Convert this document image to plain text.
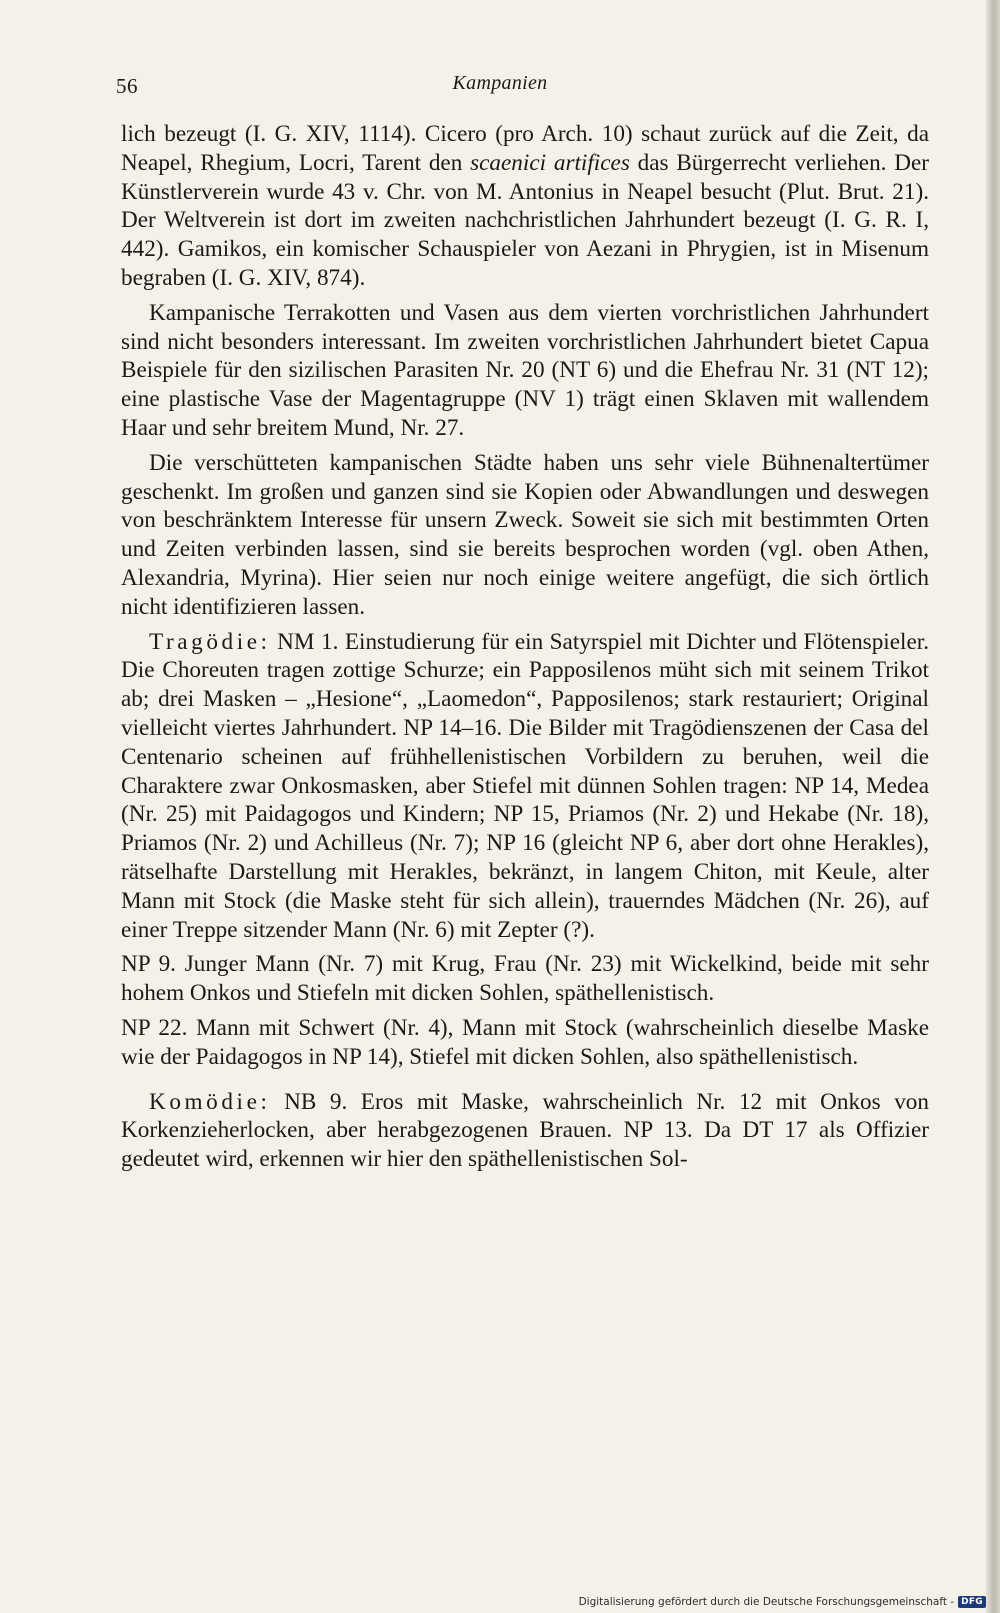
56	Kampanien

lich bezeugt (I. G. XIV, 1114). Cicero (pro Arch. 10) schaut zurück auf die Zeit, da Neapel, Rhegium, Locri, Tarent den scaenici artifices das Bürgerrecht verliehen. Der Künstlerverein wurde 43 v. Chr. von M. Antonius in Neapel besucht (Plut. Brut. 21). Der Weltverein ist dort im zweiten nachchristlichen Jahrhundert bezeugt (I. G. R. I, 442). Gamikos, ein komischer Schauspieler von Aezani in Phrygien, ist in Misenum begraben (I. G. XIV, 874).

Kampanische Terrakotten und Vasen aus dem vierten vorchristlichen Jahrhundert sind nicht besonders interessant. Im zweiten vorchristlichen Jahrhundert bietet Capua Beispiele für den sizilischen Parasiten Nr. 20 (NT 6) und die Ehefrau Nr. 31 (NT 12); eine plastische Vase der Magentagruppe (NV 1) trägt einen Sklaven mit wallendem Haar und sehr breitem Mund, Nr. 27.

Die verschütteten kampanischen Städte haben uns sehr viele Bühnenaltertümer geschenkt. Im großen und ganzen sind sie Kopien oder Abwandlungen und deswegen von beschränktem Interesse für unsern Zweck. Soweit sie sich mit bestimmten Orten und Zeiten verbinden lassen, sind sie bereits besprochen worden (vgl. oben Athen, Alexandria, Myrina). Hier seien nur noch einige weitere angefügt, die sich örtlich nicht identifizieren lassen.

Tragödie: NM 1. Einstudierung für ein Satyrspiel mit Dichter und Flötenspieler. Die Choreuten tragen zottige Schurze; ein Papposilenos müht sich mit seinem Trikot ab; drei Masken – „Hesione“, „Laomedon“, Papposilenos; stark restauriert; Original vielleicht viertes Jahrhundert. NP 14–16. Die Bilder mit Tragödienszenen der Casa del Centenario scheinen auf frühhellenistischen Vorbildern zu beruhen, weil die Charaktere zwar Onkosmasken, aber Stiefel mit dünnen Sohlen tragen: NP 14, Medea (Nr. 25) mit Paidagogos und Kindern; NP 15, Priamos (Nr. 2) und Hekabe (Nr. 18), Priamos (Nr. 2) und Achilleus (Nr. 7); NP 16 (gleicht NP 6, aber dort ohne Herakles), rätselhafte Darstellung mit Herakles, bekränzt, in langem Chiton, mit Keule, alter Mann mit Stock (die Maske steht für sich allein), trauerndes Mädchen (Nr. 26), auf einer Treppe sitzender Mann (Nr. 6) mit Zepter (?).

NP 9. Junger Mann (Nr. 7) mit Krug, Frau (Nr. 23) mit Wickelkind, beide mit sehr hohem Onkos und Stiefeln mit dicken Sohlen, späthellenistisch.

NP 22. Mann mit Schwert (Nr. 4), Mann mit Stock (wahrscheinlich dieselbe Maske wie der Paidagogos in NP 14), Stiefel mit dicken Sohlen, also späthellenistisch.

Komödie: NB 9. Eros mit Maske, wahrscheinlich Nr. 12 mit Onkos von Korkenzieherlocken, aber herabgezogenen Brauen. NP 13. Da DT 17 als Offizier gedeutet wird, erkennen wir hier den späthellenistischen Sol-

Digitalisierung gefördert durch die Deutsche Forschungsgemeinschaft - DFG
